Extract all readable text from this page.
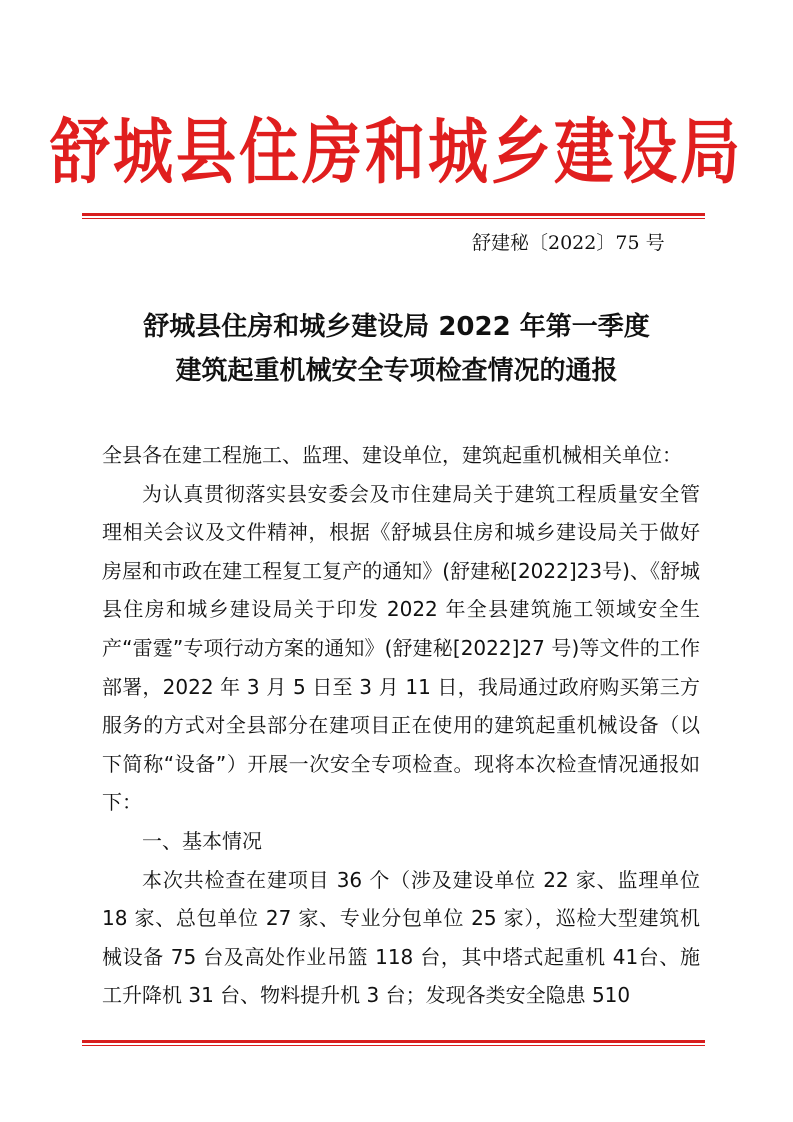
舒城县住房和城乡建设局
舒建秘〔2022〕75 号
舒城县住房和城乡建设局 2022 年第一季度
建筑起重机械安全专项检查情况的通报

全县各在建工程施工、监理、建设单位，建筑起重机械相关单位：

为认真贯彻落实县安委会及市住建局关于建筑工程质量安全管理相关会议及文件精神，根据《舒城县住房和城乡建设局关于做好房屋和市政在建工程复工复产的通知》(舒建秘[2022]23号)、《舒城县住房和城乡建设局关于印发 2022 年全县建筑施工领域安全生产“雷霆”专项行动方案的通知》(舒建秘[2022]27 号)等文件的工作部署，2022 年 3 月 5 日至 3 月 11 日，我局通过政府购买第三方服务的方式对全县部分在建项目正在使用的建筑起重机械设备（以下简称“设备”）开展一次安全专项检查。现将本次检查情况通报如下：

一、基本情况

本次共检查在建项目 36 个（涉及建设单位 22 家、监理单位 18 家、总包单位 27 家、专业分包单位 25 家），巡检大型建筑机械设备 75 台及高处作业吊篮 118 台，其中塔式起重机 41台、施工升降机 31 台、物料提升机 3 台；发现各类安全隐患 510
